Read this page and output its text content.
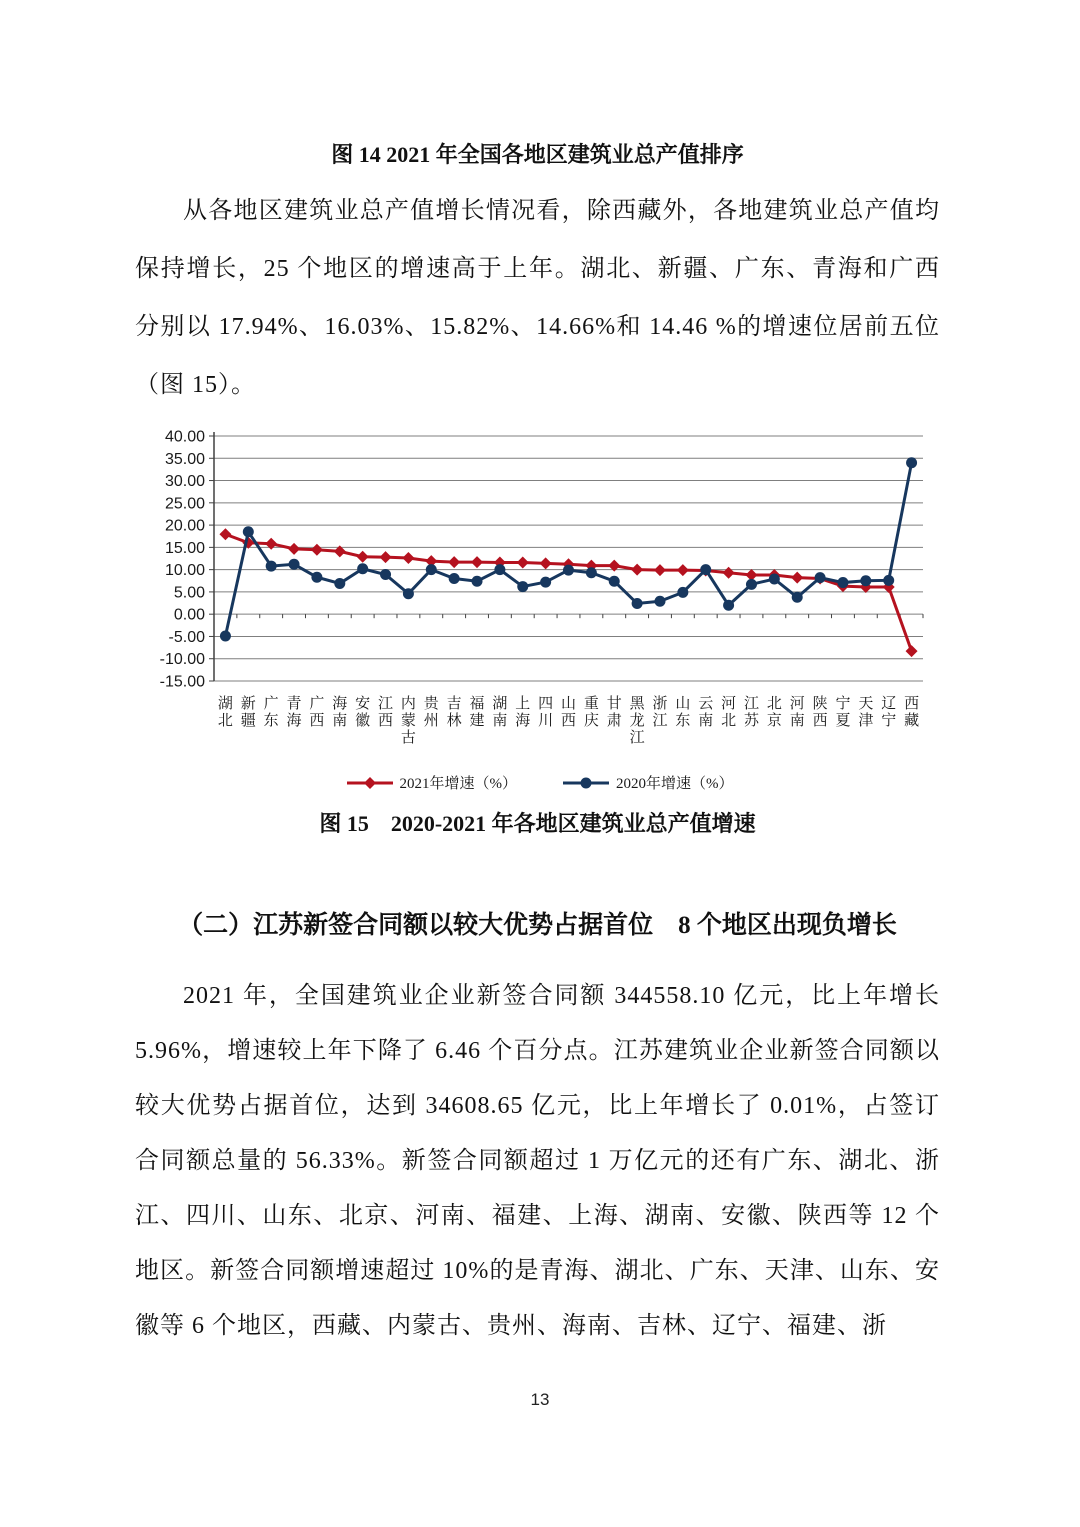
图 14 2021 年全国各地区建筑业总产值排序

从各地区建筑业总产值增长情况看，除西藏外，各地建筑业总产值均保持增长，25 个地区的增速高于上年。湖北、新疆、广东、青海和广西分别以 17.94%、16.03%、15.82%、14.66%和 14.46 %的增速位居前五位（图 15）。

40.00
35.00
30.00
25.00
20.00
15.00
10.00
5.00
0.00
-5.00
-10.00
-15.00
湖
北
新
疆
广
东
青
海
广
西
海
南
安
徽
江
西
内
蒙
古
贵
州
吉
林
福
建
湖
南
上
海
四
川
山
西
重
庆
甘
肃
黑
龙
江
浙
江
山
东
云
南
河
北
江
苏
北
京
河
南
陕
西
宁
夏
天
津
辽
宁
西
藏
2021年增速（%）	2020年增速（%）
图 15　2020-2021 年各地区建筑业总产值增速
（二）江苏新签合同额以较大优势占据首位　8 个地区出现负增长

2021 年，全国建筑业企业新签合同额 344558.10 亿元，比上年增长 5.96%，增速较上年下降了 6.46 个百分点。江苏建筑业企业新签合同额以较大优势占据首位，达到 34608.65 亿元，比上年增长了 0.01%，占签订合同额总量的 56.33%。新签合同额超过 1 万亿元的还有广东、湖北、浙江、四川、山东、北京、河南、福建、上海、湖南、安徽、陕西等 12 个地区。新签合同额增速超过 10%的是青海、湖北、广东、天津、山东、安徽等 6 个地区，西藏、内蒙古、贵州、海南、吉林、辽宁、福建、浙

13
